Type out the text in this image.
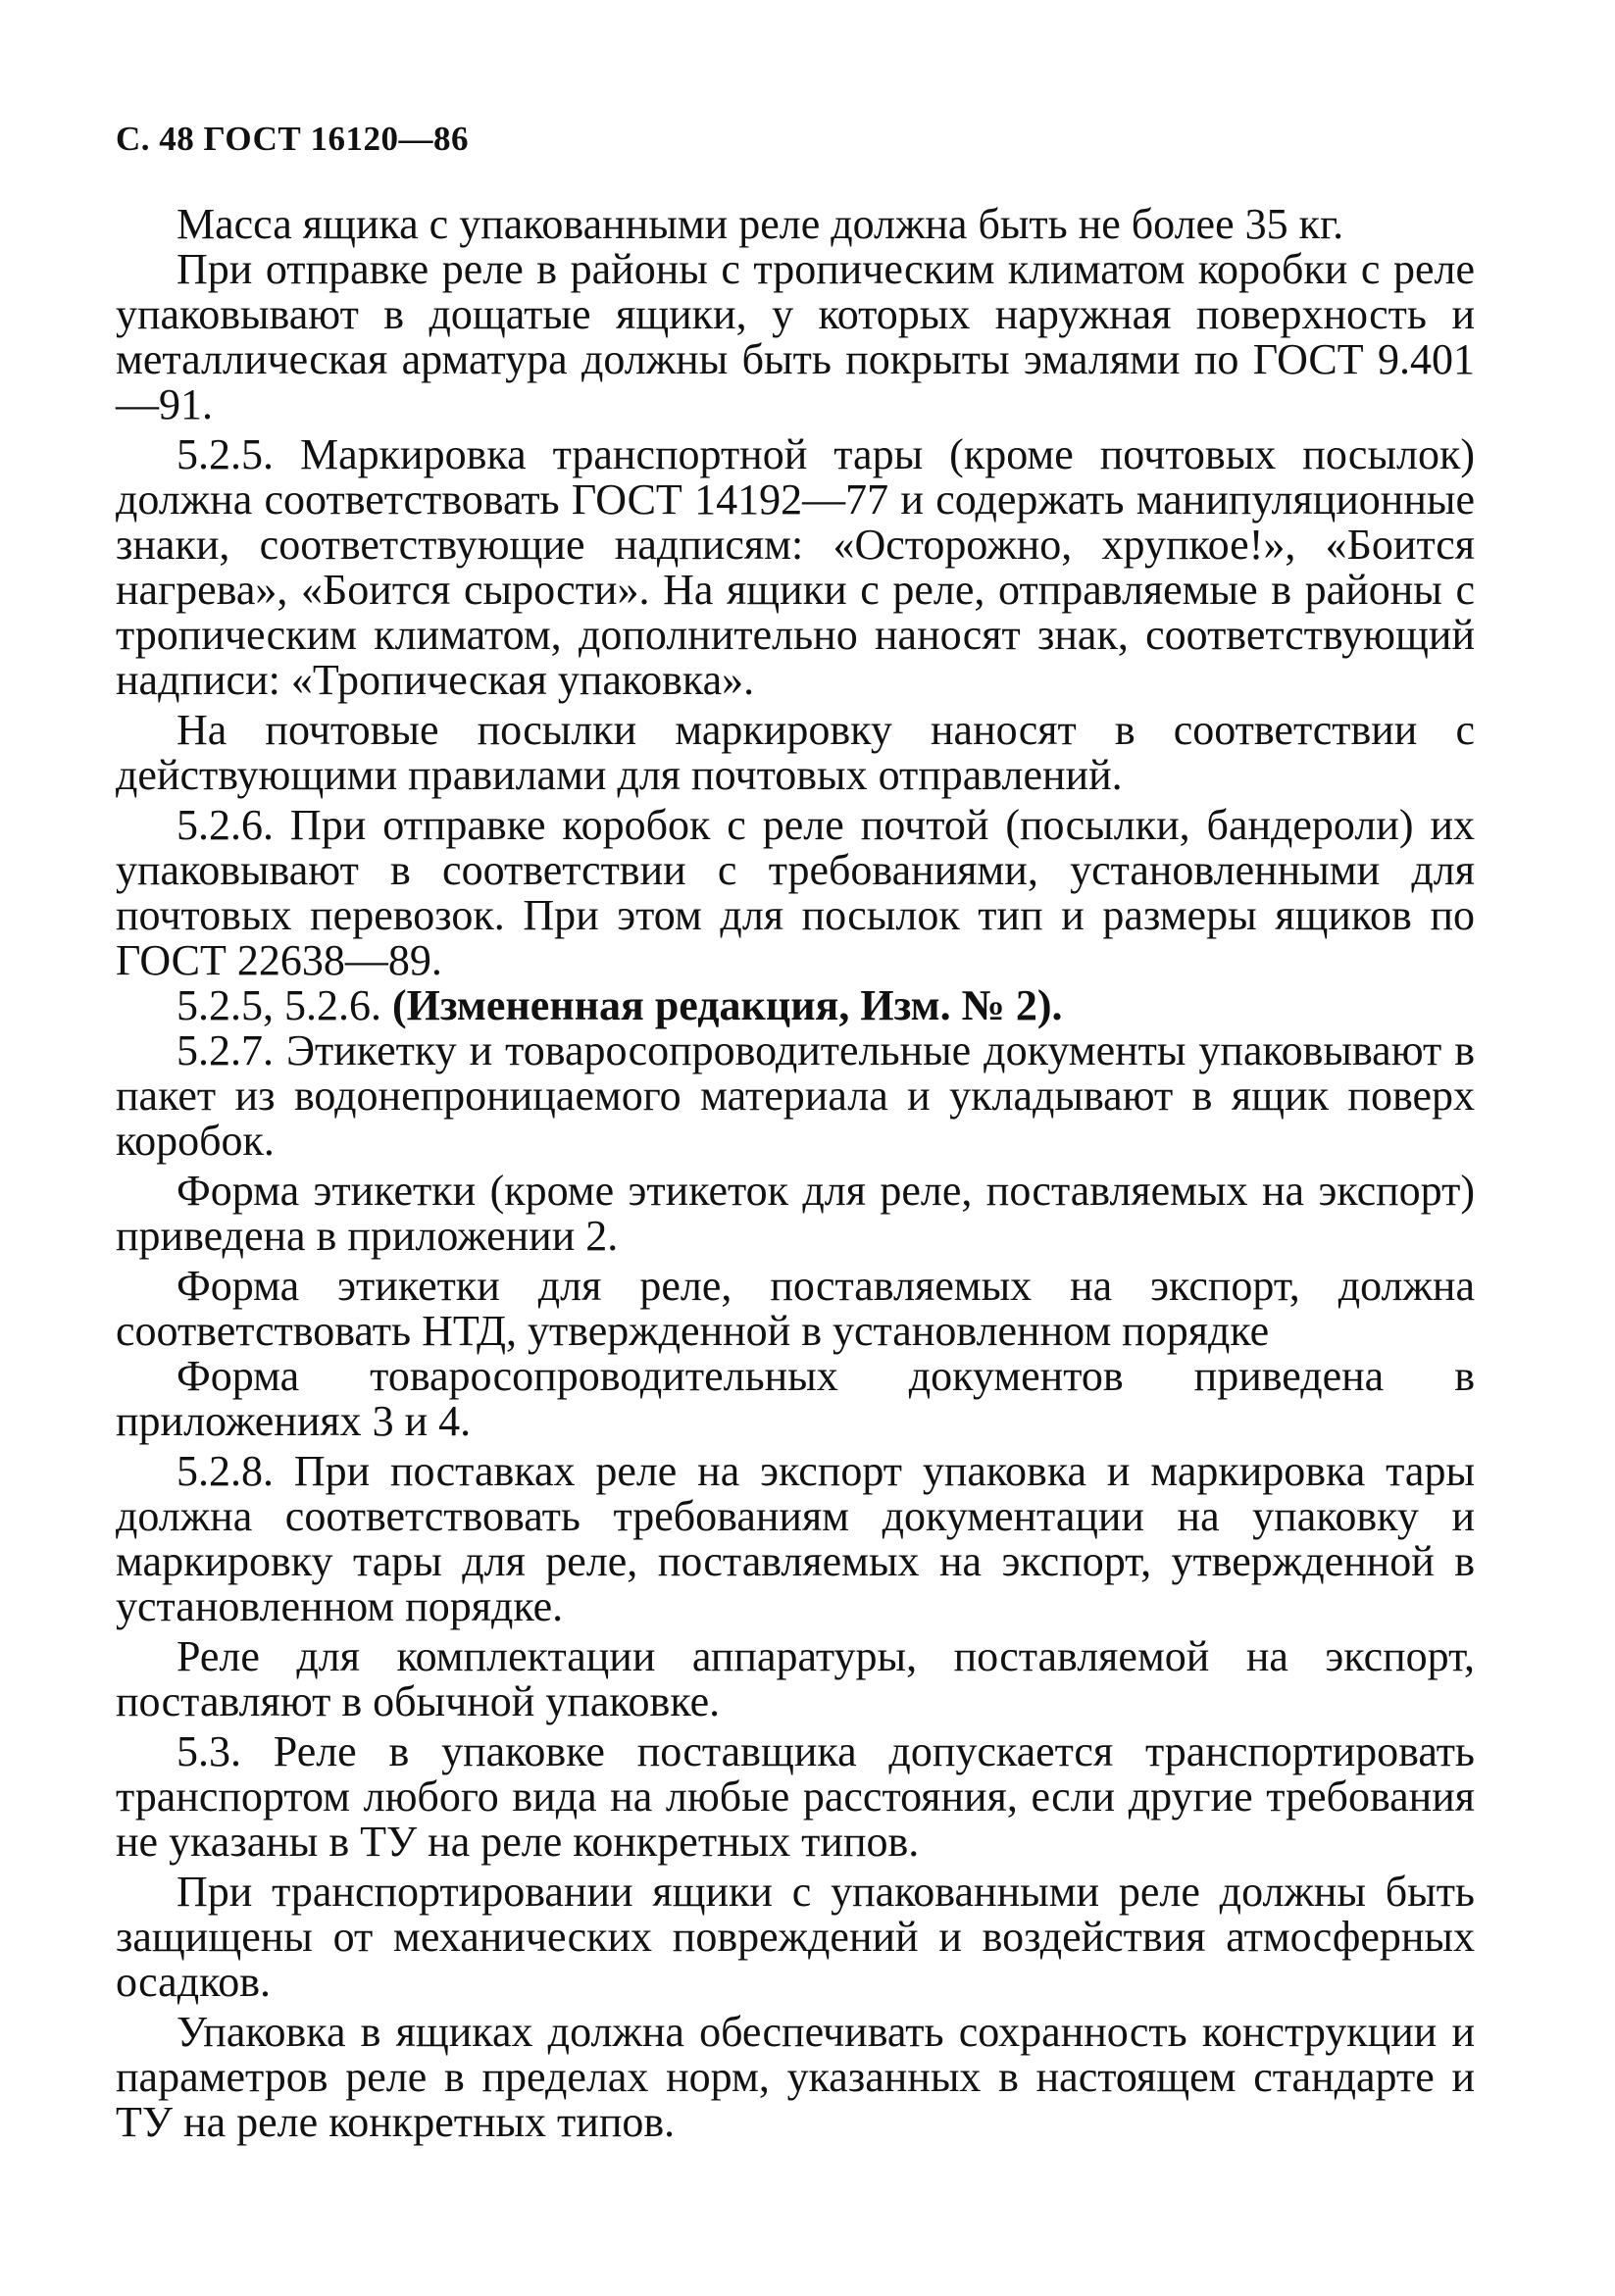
С. 48 ГОСТ 16120—86

Масса ящика с упакованными реле должна быть не более 35 кг.

При отправке реле в районы с тропическим климатом коробки с реле упаковывают в дощатые ящики, у которых наружная поверхность и металлическая арматура должны быть покрыты эмалями по ГОСТ 9.401—91.

5.2.5. Маркировка транспортной тары (кроме почтовых посылок) должна соответствовать ГОСТ 14192—77 и содержать манипуляционные знаки, соответствующие надписям: «Осторожно, хрупкое!», «Боится нагрева», «Боится сырости». На ящики с реле, отправляемые в районы с тропическим климатом, дополнительно наносят знак, соответствующий надписи: «Тропическая упаковка».

На почтовые посылки маркировку наносят в соответствии с действующими правилами для почтовых отправлений.

5.2.6. При отправке коробок с реле почтой (посылки, бандероли) их упаковывают в соответствии с требованиями, установленными для почтовых перевозок. При этом для посылок тип и размеры ящиков по ГОСТ 22638—89.

5.2.5, 5.2.6. (Измененная редакция, Изм. № 2).

5.2.7. Этикетку и товаросопроводительные документы упаковывают в пакет из водонепроницаемого материала и укладывают в ящик поверх коробок.

Форма этикетки (кроме этикеток для реле, поставляемых на экспорт) приведена в приложении 2.

Форма этикетки для реле, поставляемых на экспорт, должна соответствовать НТД, утвержденной в установленном порядке

Форма товаросопроводительных документов приведена в приложениях 3 и 4.

5.2.8. При поставках реле на экспорт упаковка и маркировка тары должна соответствовать требованиям документации на упаковку и маркировку тары для реле, поставляемых на экспорт, утвержденной в установленном порядке.

Реле для комплектации аппаратуры, поставляемой на экспорт, поставляют в обычной упаковке.

5.3. Реле в упаковке поставщика допускается транспортировать транспортом любого вида на любые расстояния, если другие требования не указаны в ТУ на реле конкретных типов.

При транспортировании ящики с упакованными реле должны быть защищены от механических повреждений и воздействия атмосферных осадков.

Упаковка в ящиках должна обеспечивать сохранность конструкции и параметров реле в пределах норм, указанных в настоящем стандарте и ТУ на реле конкретных типов.
